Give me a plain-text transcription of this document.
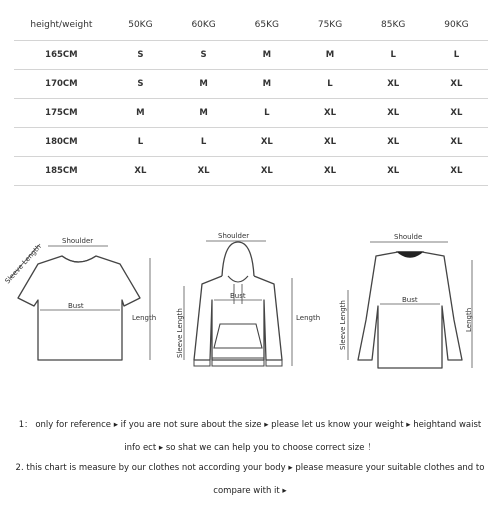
height/weight	50KG	60KG	65KG	75KG	85KG	90KG
165CM	S	S	M	M	L	L
170CM	S	M	M	L	XL	XL
175CM	M	M	L	XL	XL	XL
180CM	L	L	XL	XL	XL	XL
185CM	XL	XL	XL	XL	XL	XL
Shoulder
Sleeve Length
Bust
Length
Shoulder
Bust
Sleeve Length	Length
Shoulde
Bust
Sleeve Length	Length
1： only for reference ▸ if you are not sure about the size ▸ please let us know your weight ▸ heightand waist
info ect ▸ so shat we can help you to choose correct size ！
2. this chart is measure by our clothes not according your body ▸ please measure your suitable clothes and to
compare with it ▸
